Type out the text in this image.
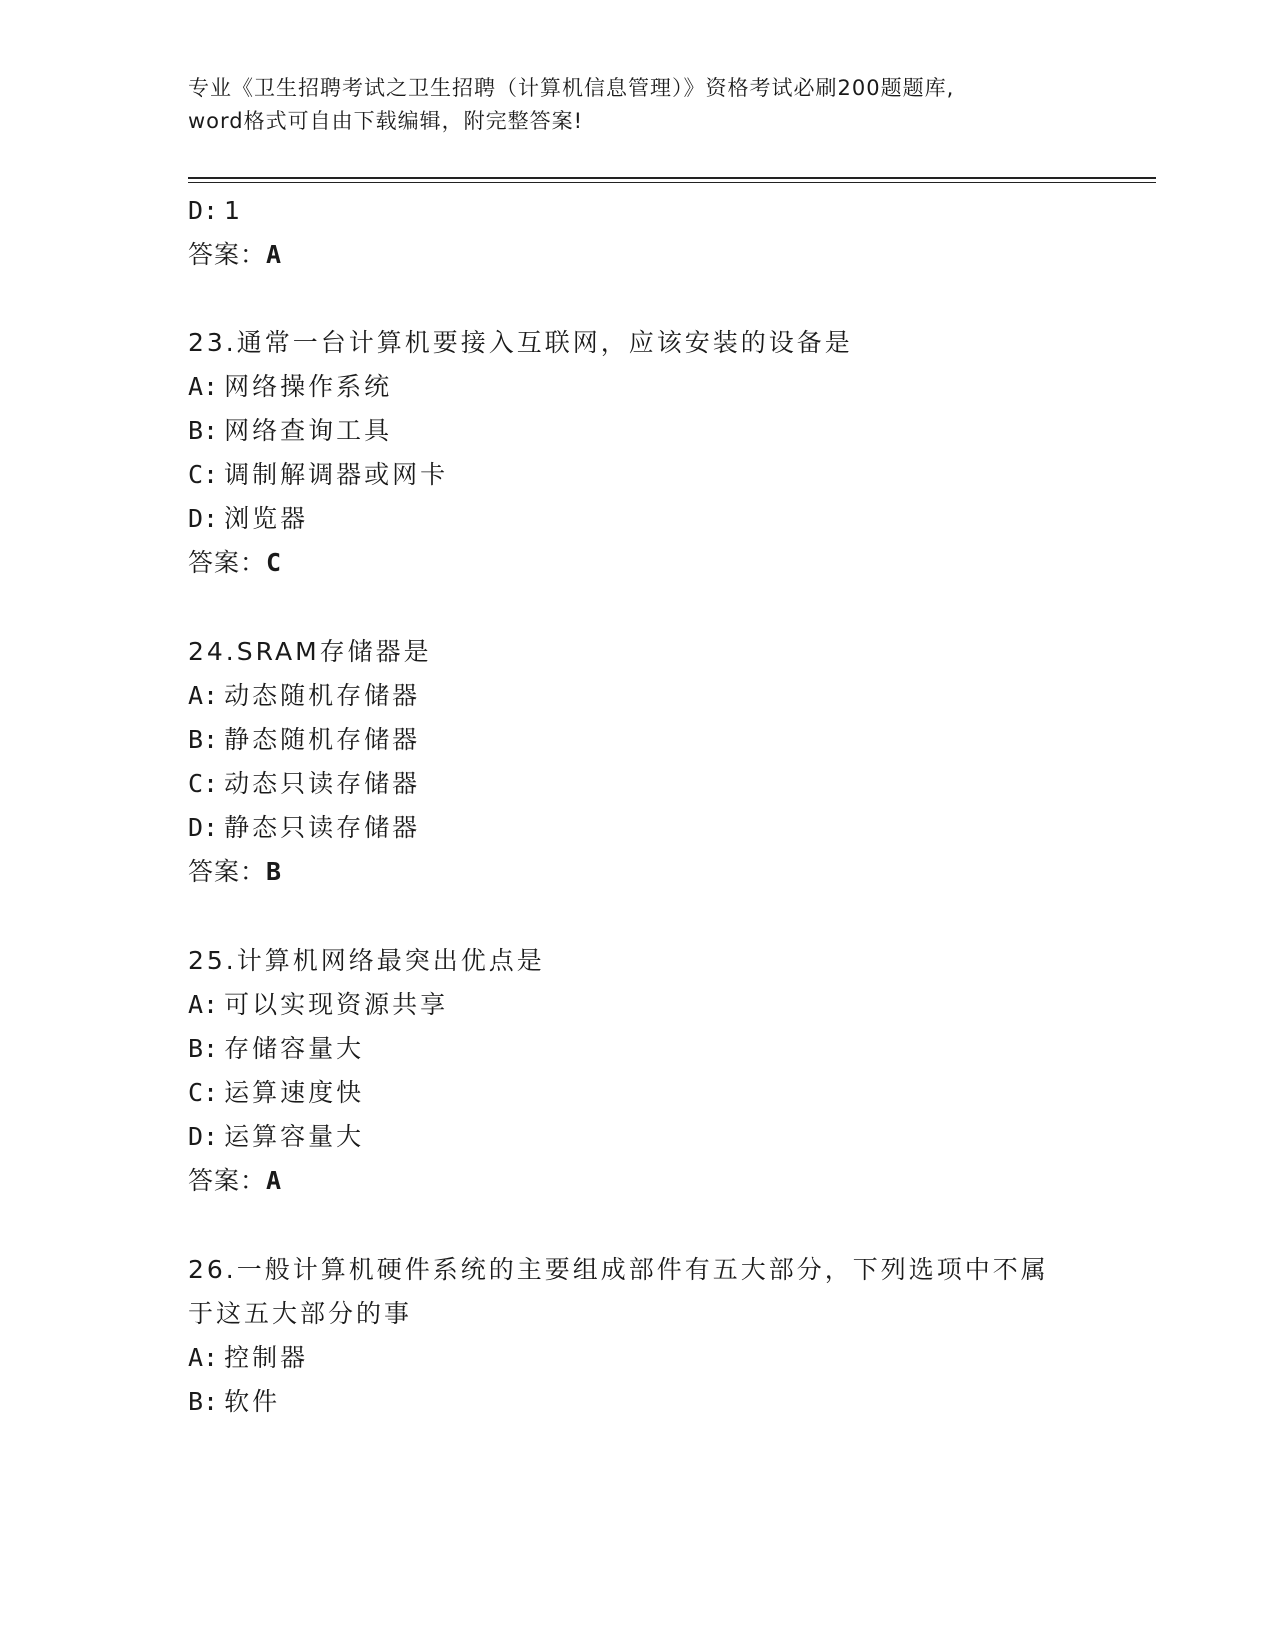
专业《卫生招聘考试之卫生招聘（计算机信息管理）》资格考试必刷200题题库,
word格式可自由下载编辑，附完整答案!
D: 1
答案：A
23.通常一台计算机要接入互联网，应该安装的设备是
A: 网络操作系统
B: 网络查询工具
C: 调制解调器或网卡
D: 浏览器
答案：C
24.SRAM存储器是
A: 动态随机存储器
B: 静态随机存储器
C: 动态只读存储器
D: 静态只读存储器
答案：B
25.计算机网络最突出优点是
A: 可以实现资源共享
B: 存储容量大
C: 运算速度快
D: 运算容量大
答案：A
26.一般计算机硬件系统的主要组成部件有五大部分，下列选项中不属
于这五大部分的事
A: 控制器
B: 软件
